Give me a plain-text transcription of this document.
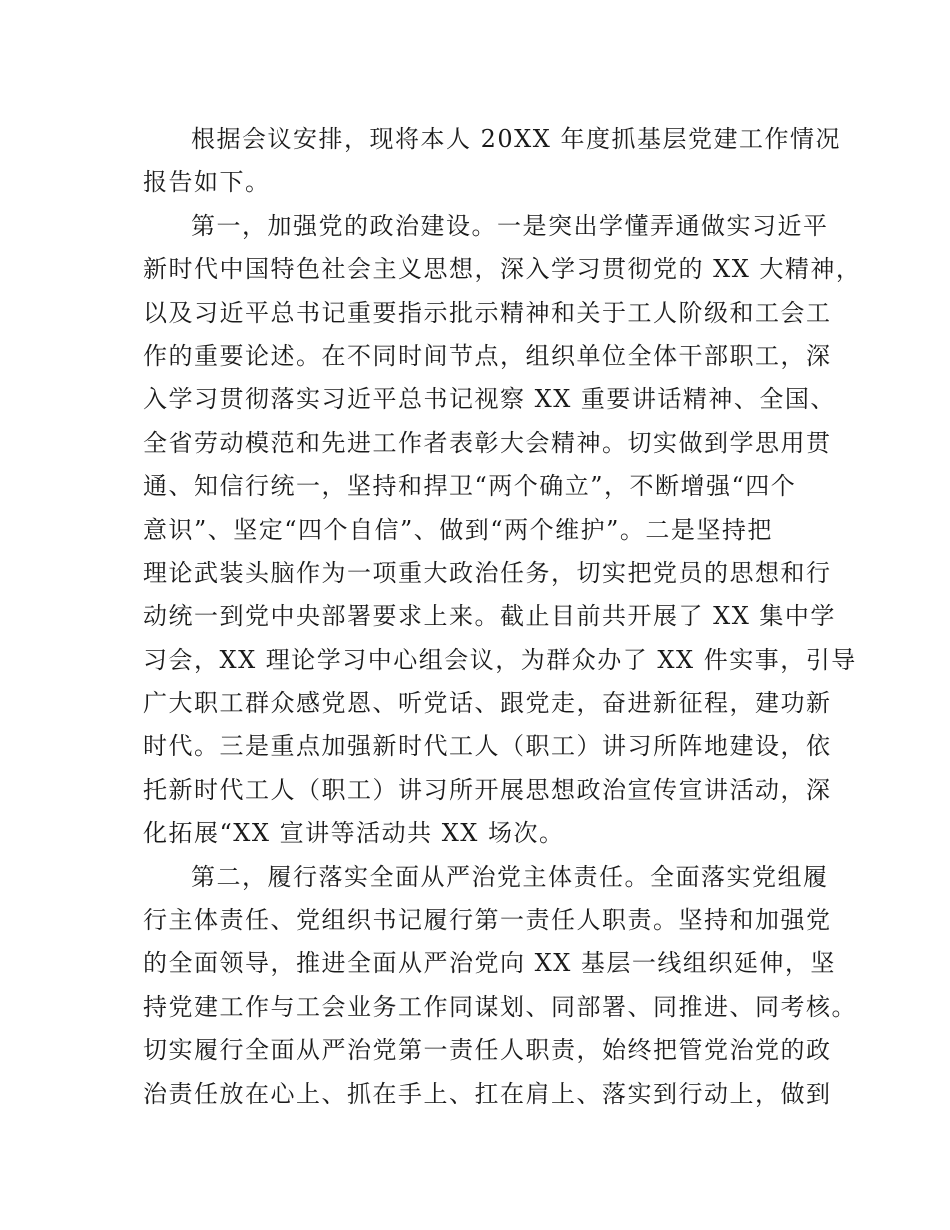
根据会议安排，现将本人 20XX 年度抓基层党建工作情况
报告如下。
第一，加强党的政治建设。一是突出学懂弄通做实习近平
新时代中国特色社会主义思想，深入学习贯彻党的 XX 大精神，
以及习近平总书记重要指示批示精神和关于工人阶级和工会工
作的重要论述。在不同时间节点，组织单位全体干部职工，深
入学习贯彻落实习近平总书记视察 XX 重要讲话精神、全国、
全省劳动模范和先进工作者表彰大会精神。切实做到学思用贯
通、知信行统一，坚持和捍卫“两个确立”，不断增强“四个
意识”、坚定“四个自信”、做到“两个维护”。二是坚持把
理论武装头脑作为一项重大政治任务，切实把党员的思想和行
动统一到党中央部署要求上来。截止目前共开展了 XX 集中学
习会，XX 理论学习中心组会议，为群众办了 XX 件实事，引导
广大职工群众感党恩、听党话、跟党走，奋进新征程，建功新
时代。三是重点加强新时代工人（职工）讲习所阵地建设，依
托新时代工人（职工）讲习所开展思想政治宣传宣讲活动，深
化拓展“XX 宣讲等活动共 XX 场次。
第二，履行落实全面从严治党主体责任。全面落实党组履
行主体责任、党组织书记履行第一责任人职责。坚持和加强党
的全面领导，推进全面从严治党向 XX 基层一线组织延伸，坚
持党建工作与工会业务工作同谋划、同部署、同推进、同考核。
切实履行全面从严治党第一责任人职责，始终把管党治党的政
治责任放在心上、抓在手上、扛在肩上、落实到行动上，做到
